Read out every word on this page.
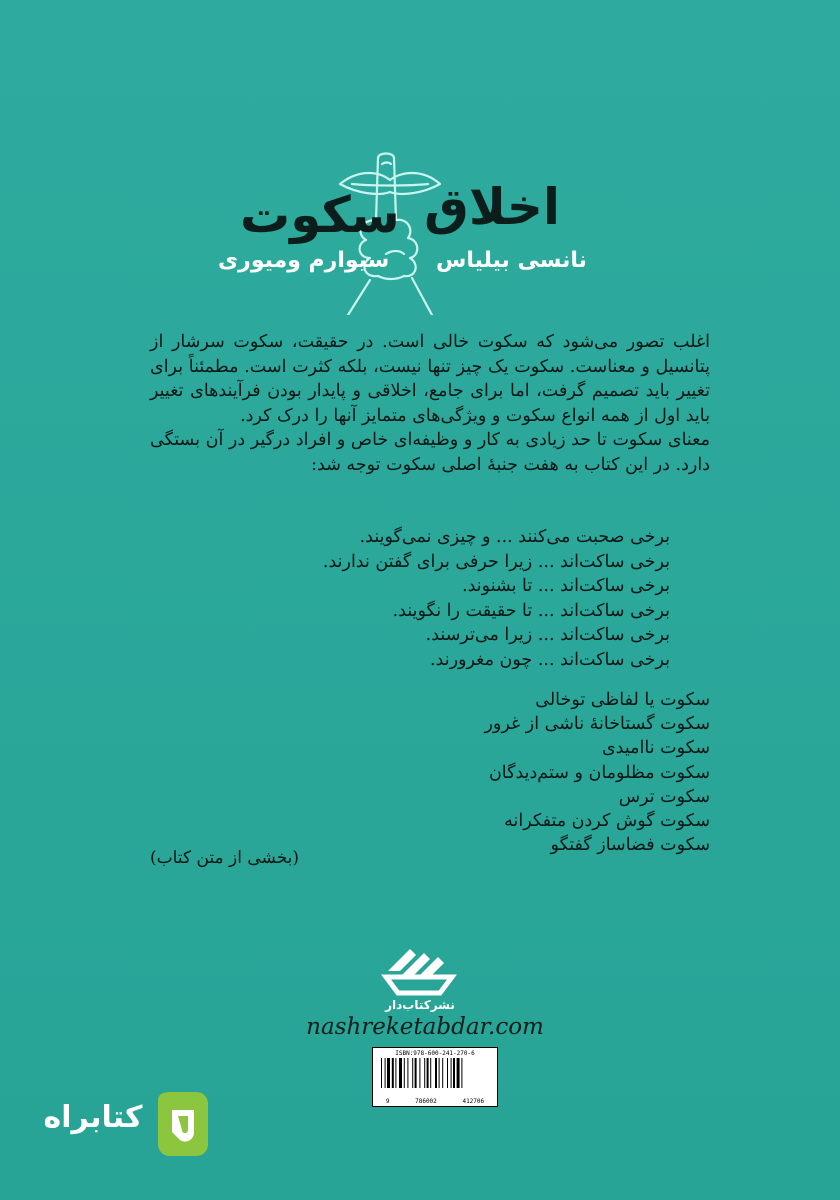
اخلاق
سکوت
نانسی بیلیاس
سیوارم ومیوری

اغلب تصور می‌شود که سکوت خالی است. در حقیقت، سکوت سرشار از پتانسیل و معناست. سکوت یک چیز تنها نیست، بلکه کثرت است. مطمئناً برای تغییر باید تصمیم گرفت، اما برای جامع، اخلاقی و پایدار بودن فرآیندهای تغییر باید اول از همه انواع سکوت و ویژگی‌های متمایز آنها را درک کرد.

معنای سکوت تا حد زیادی به کار و وظیفه‌ای خاص و افراد درگیر در آن بستگی دارد. در این کتاب به هفت جنبهٔ اصلی سکوت توجه شد:

برخی صحبت می‌کنند ... و چیزی نمی‌گویند.
برخی ساکت‌اند ... زیرا حرفی برای گفتن ندارند.
برخی ساکت‌اند ... تا بشنوند.
برخی ساکت‌اند ... تا حقیقت را نگویند.
برخی ساکت‌اند ... زیرا می‌ترسند.
برخی ساکت‌اند ... چون مغرورند.
سکوت یا لفاظی توخالی
سکوت گستاخانهٔ ناشی از غرور
سکوت ناامیدی
سکوت مظلومان و ستم‌دیدگان
سکوت ترس
سکوت گوش کردن متفکرانه
سکوت فضاساز گفتگو
(بخشی از متن کتاب)
نشرکتاب‌دار
nashreketabdar.com
ISBN:978-600-241-270-6
9	786002	412706
کتابراه
